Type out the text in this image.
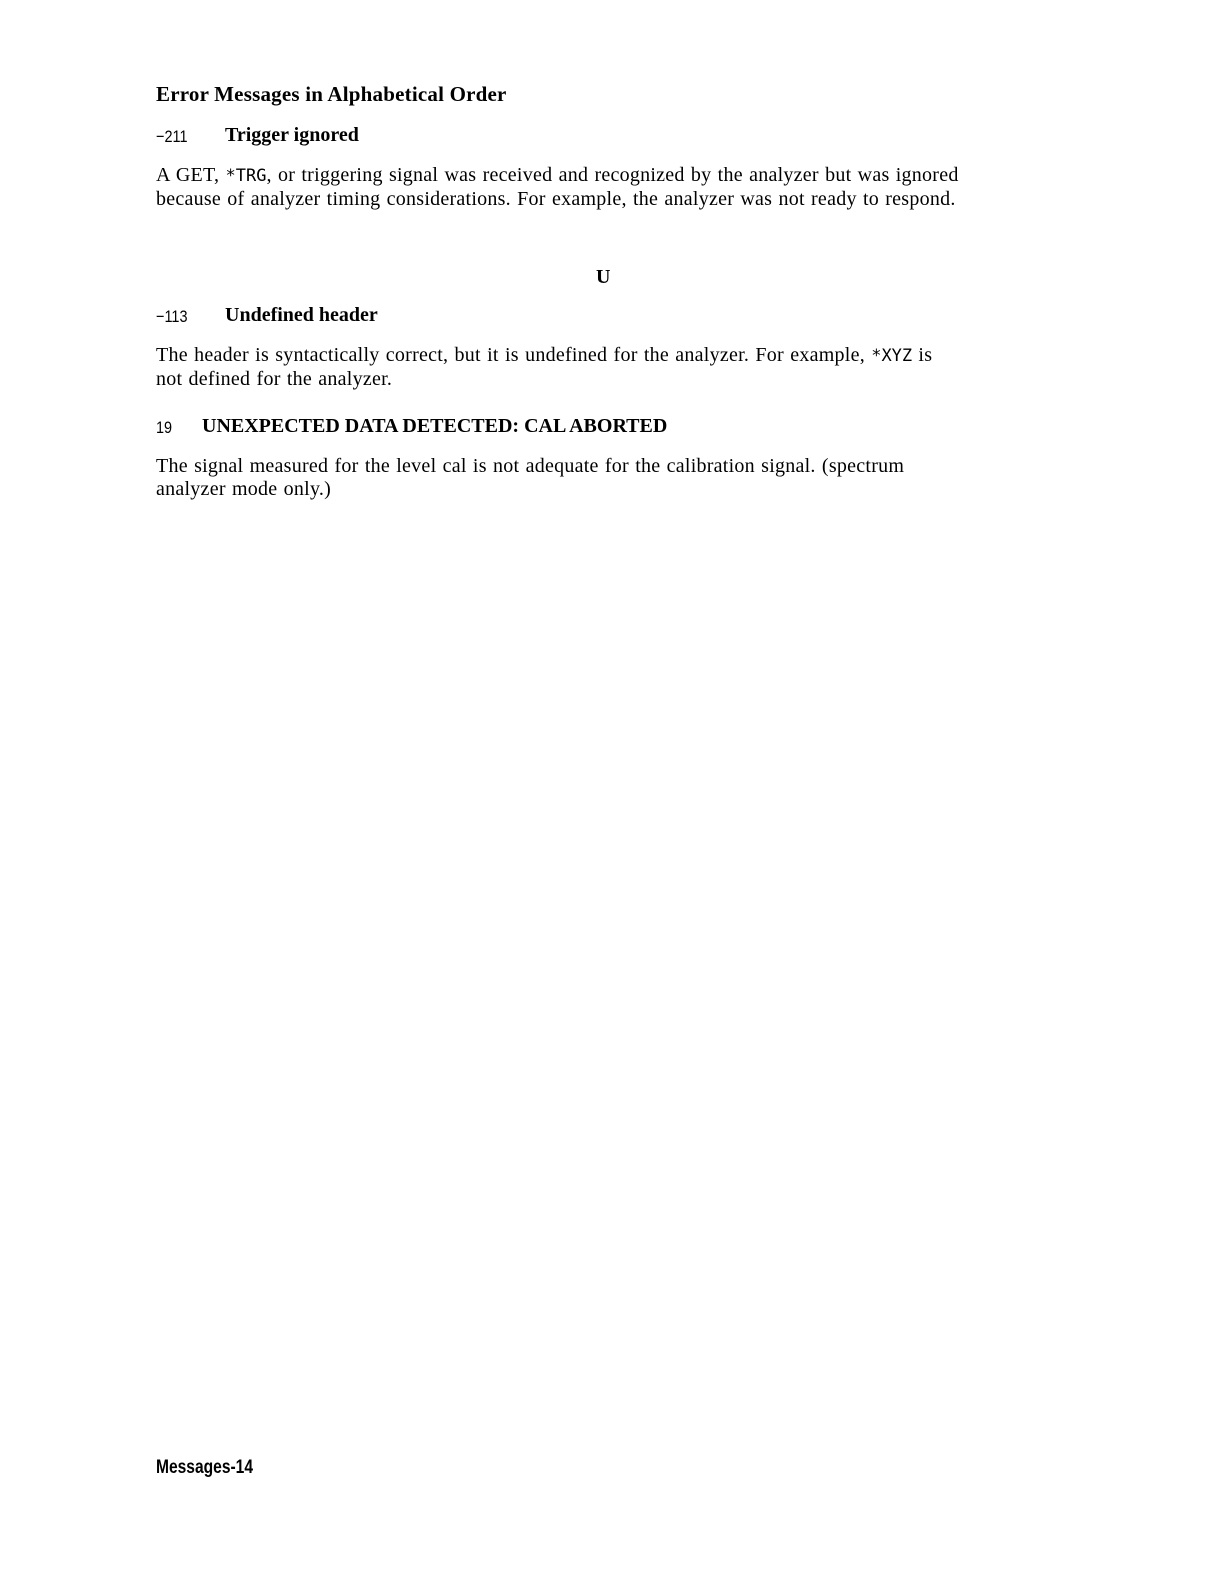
Error Messages in Alphabetical Order
−211 Trigger ignored
A GET, *TRG, or triggering signal was received and recognized by the analyzer but was ignored
because of analyzer timing considerations. For example, the analyzer was not ready to respond.
U
−113 Undefined header
The header is syntactically correct, but it is undefined for the analyzer. For example, *XYZ is
not defined for the analyzer.
19 UNEXPECTED DATA DETECTED: CAL ABORTED
The signal measured for the level cal is not adequate for the calibration signal. (spectrum
analyzer mode only.)
Messages-14
